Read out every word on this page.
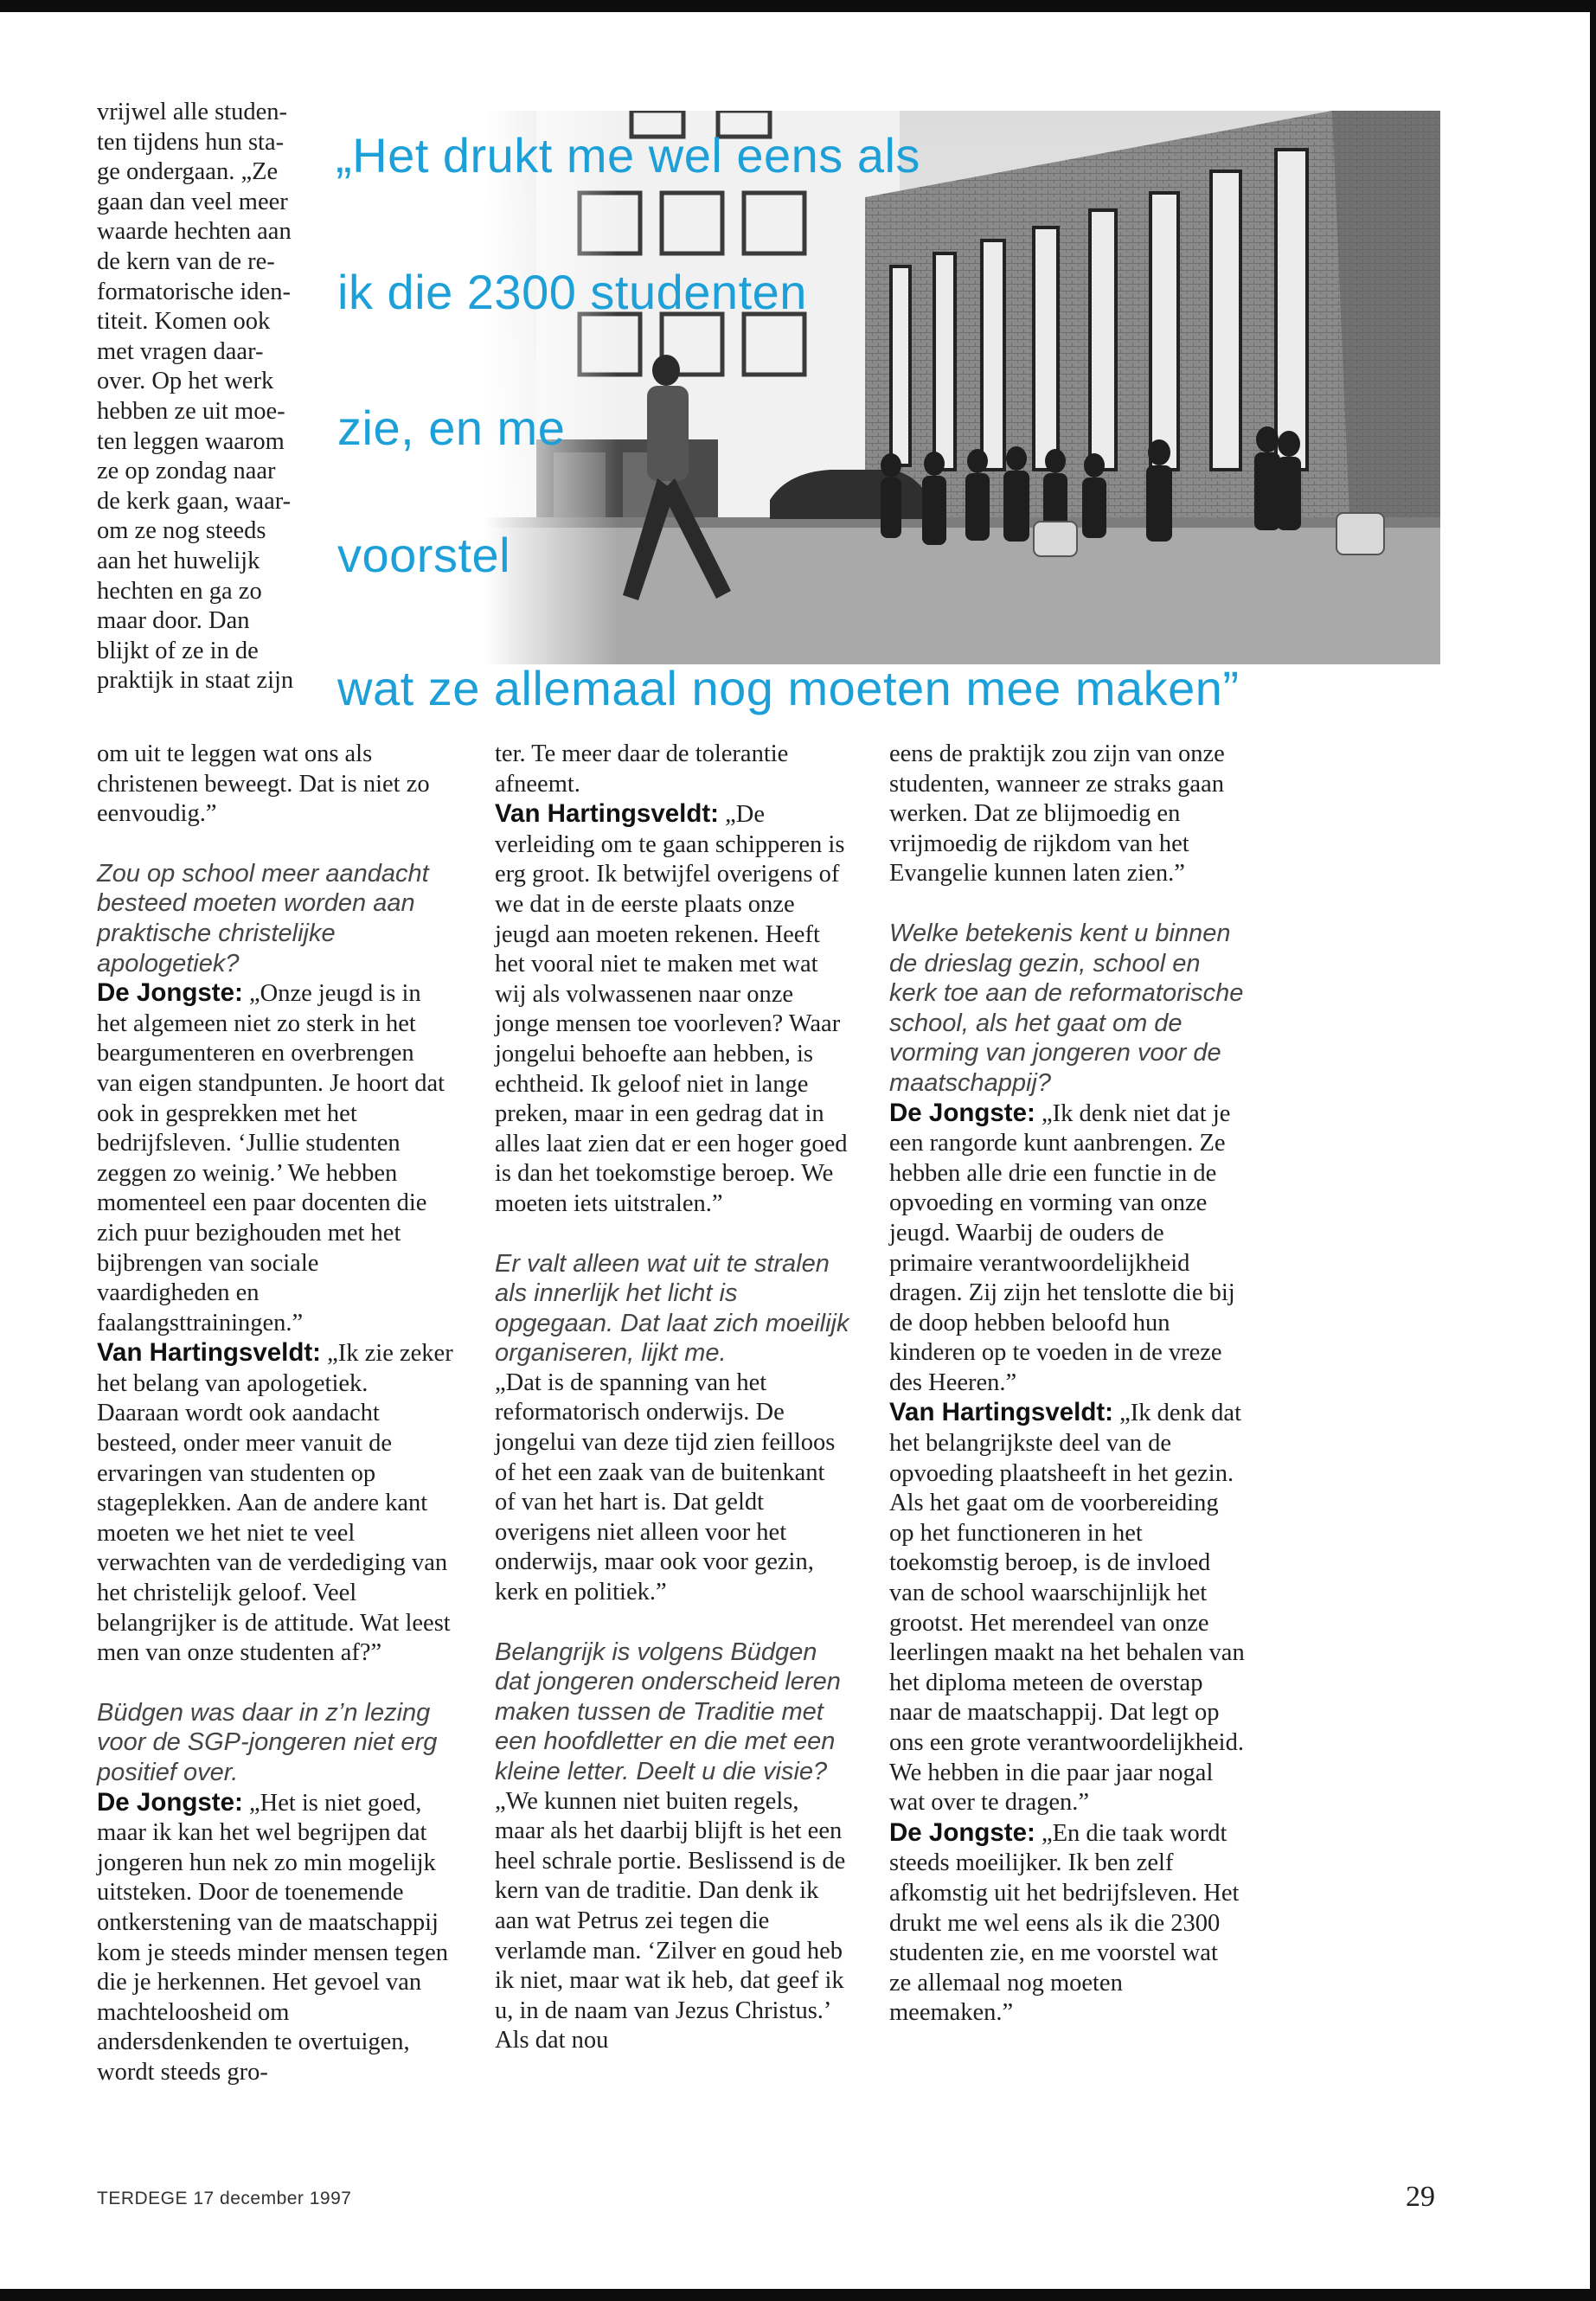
„Het drukt me wel eens als
ik die 2300 studenten
zie, en me
voorstel
wat ze allemaal nog moeten mee maken”

vrijwel alle studen-

ten tijdens hun sta-

ge ondergaan. „Ze

gaan dan veel meer

waarde hechten aan

de kern van de re-

formatorische iden-

titeit. Komen ook

met vragen daar-

over. Op het werk

hebben ze uit moe-

ten leggen waarom

ze op zondag naar

de kerk gaan, waar-

om ze nog steeds

aan het huwelijk

hechten en ga zo

maar door. Dan

blijkt of ze in de

praktijk in staat zijn

om uit te leggen wat ons als christenen beweegt. Dat is niet zo eenvoudig.”

Zou op school meer aandacht besteed moeten worden aan praktische christelijke apologetiek?

De Jongste: „Onze jeugd is in het algemeen niet zo sterk in het beargumenteren en overbrengen van eigen standpunten. Je hoort dat ook in gesprekken met het bedrijfsleven. ‘Jullie studenten zeggen zo weinig.’ We hebben momenteel een paar docenten die zich puur bezighouden met het bijbrengen van sociale vaardigheden en faalangsttrainingen.”

Van Hartingsveldt: „Ik zie zeker het belang van apologetiek. Daaraan wordt ook aandacht besteed, onder meer vanuit de ervaringen van studenten op stageplekken. Aan de andere kant moeten we het niet te veel verwachten van de verdediging van het christelijk geloof. Veel belangrijker is de attitude. Wat leest men van onze studenten af?”

Büdgen was daar in z’n lezing voor de SGP-jongeren niet erg positief over.

De Jongste: „Het is niet goed, maar ik kan het wel begrijpen dat jongeren hun nek zo min mogelijk uitsteken. Door de toenemende ontkerstening van de maatschappij kom je steeds minder mensen tegen die je herkennen. Het gevoel van machteloosheid om andersdenkenden te overtuigen, wordt steeds gro-

ter. Te meer daar de tolerantie afneemt.

Van Hartingsveldt: „De verleiding om te gaan schipperen is erg groot. Ik betwijfel overigens of we dat in de eerste plaats onze jeugd aan moeten rekenen. Heeft het vooral niet te maken met wat wij als volwassenen naar onze jonge mensen toe voorleven? Waar jongelui behoefte aan hebben, is echtheid. Ik geloof niet in lange preken, maar in een gedrag dat in alles laat zien dat er een hoger goed is dan het toekomstige beroep. We moeten iets uitstralen.”

Er valt alleen wat uit te stralen als innerlijk het licht is opgegaan. Dat laat zich moeilijk organiseren, lijkt me.

„Dat is de spanning van het reformatorisch onderwijs. De jongelui van deze tijd zien feilloos of het een zaak van de buitenkant of van het hart is. Dat geldt overigens niet alleen voor het onderwijs, maar ook voor gezin, kerk en politiek.”

Belangrijk is volgens Büdgen dat jongeren onderscheid leren maken tussen de Traditie met een hoofdletter en die met een kleine letter. Deelt u die visie?

„We kunnen niet buiten regels, maar als het daarbij blijft is het een heel schrale portie. Beslissend is de kern van de traditie. Dan denk ik aan wat Petrus zei tegen die verlamde man. ‘Zilver en goud heb ik niet, maar wat ik heb, dat geef ik u, in de naam van Jezus Christus.’ Als dat nou

eens de praktijk zou zijn van onze studenten, wanneer ze straks gaan werken. Dat ze blijmoedig en vrijmoedig de rijkdom van het Evangelie kunnen laten zien.”

Welke betekenis kent u binnen de drieslag gezin, school en kerk toe aan de reformatorische school, als het gaat om de vorming van jongeren voor de maatschappij?

De Jongste: „Ik denk niet dat je een rangorde kunt aanbrengen. Ze hebben alle drie een functie in de opvoeding en vorming van onze jeugd. Waarbij de ouders de primaire verantwoordelijkheid dragen. Zij zijn het tenslotte die bij de doop hebben beloofd hun kinderen op te voeden in de vreze des Heeren.”

Van Hartingsveldt: „Ik denk dat het belangrijkste deel van de opvoeding plaatsheeft in het gezin. Als het gaat om de voorbereiding op het functioneren in het toekomstig beroep, is de invloed van de school waarschijnlijk het grootst. Het merendeel van onze leerlingen maakt na het behalen van het diploma meteen de overstap naar de maatschappij. Dat legt op ons een grote verantwoordelijkheid. We hebben in die paar jaar nogal wat over te dragen.”

De Jongste: „En die taak wordt steeds moeilijker. Ik ben zelf afkomstig uit het bedrijfsleven. Het drukt me wel eens als ik die 2300 studenten zie, en me voorstel wat ze allemaal nog moeten meemaken.”

TERDEGE 17 december 1997	29
